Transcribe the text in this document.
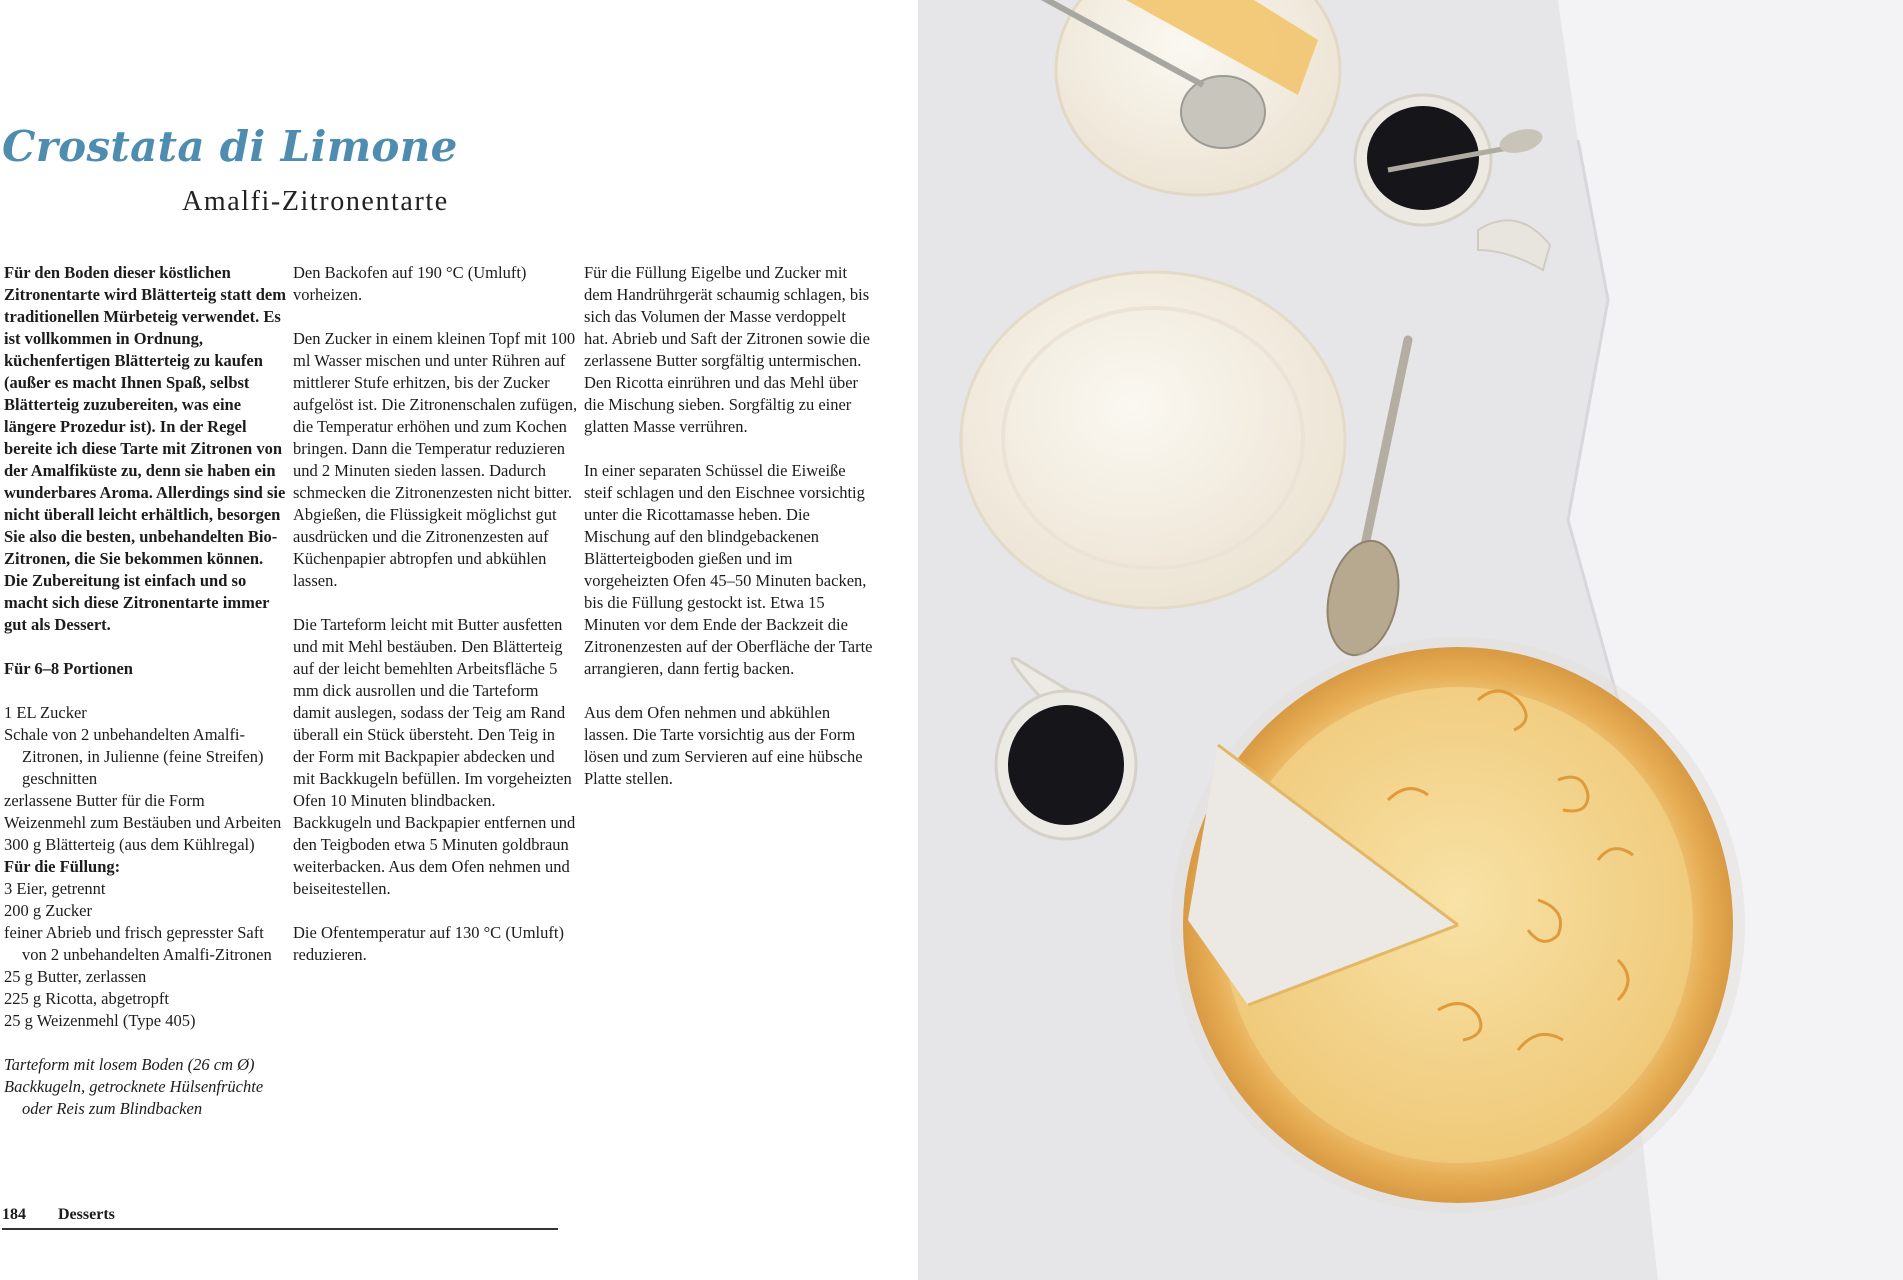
Crostata di Limone
Amalfi-Zitronentarte

Für den Boden dieser köstlichen Zitronentarte wird Blätterteig statt dem traditionellen Mürbeteig verwendet. Es ist vollkommen in Ordnung, küchenfertigen Blätterteig zu kaufen (außer es macht Ihnen Spaß, selbst Blätterteig zuzubereiten, was eine längere Prozedur ist). In der Regel bereite ich diese Tarte mit Zitronen von der Amalfiküste zu, denn sie haben ein wunderbares Aroma. Allerdings sind sie nicht überall leicht erhältlich, besorgen Sie also die besten, unbehandelten Bio-Zitronen, die Sie bekommen können. Die Zubereitung ist einfach und so macht sich diese Zitronentarte immer gut als Dessert.

Für 6–8 Portionen

1 EL Zucker
Schale von 2 unbehandelten Amalfi-Zitronen, in Julienne (feine Streifen) geschnitten
zerlassene Butter für die Form
Weizenmehl zum Bestäuben und Arbeiten
300 g Blätterteig (aus dem Kühlregal)
Für die Füllung:
3 Eier, getrennt
200 g Zucker
feiner Abrieb und frisch gepresster Saft von 2 unbehandelten Amalfi-Zitronen
25 g Butter, zerlassen
225 g Ricotta, abgetropft
25 g Weizenmehl (Type 405)
Tarteform mit losem Boden (26 cm Ø)
Backkugeln, getrocknete Hülsenfrüchte oder Reis zum Blindbacken

Den Backofen auf 190 °C (Umluft) vorheizen.

Den Zucker in einem kleinen Topf mit 100 ml Wasser mischen und unter Rühren auf mittlerer Stufe erhitzen, bis der Zucker aufgelöst ist. Die Zitronenschalen zufügen, die Temperatur erhöhen und zum Kochen bringen. Dann die Temperatur reduzieren und 2 Minuten sieden lassen. Dadurch schmecken die Zitronenzesten nicht bitter. Abgießen, die Flüssigkeit möglichst gut ausdrücken und die Zitronenzesten auf Küchenpapier abtropfen und abkühlen lassen.

Die Tarteform leicht mit Butter ausfetten und mit Mehl bestäuben. Den Blätterteig auf der leicht bemehlten Arbeitsfläche 5 mm dick ausrollen und die Tarteform damit auslegen, sodass der Teig am Rand überall ein Stück übersteht. Den Teig in der Form mit Backpapier abdecken und mit Backkugeln befüllen. Im vorgeheizten Ofen 10 Minuten blindbacken. Backkugeln und Backpapier entfernen und den Teigboden etwa 5 Minuten goldbraun weiterbacken. Aus dem Ofen nehmen und beiseitestellen.

Die Ofentemperatur auf 130 °C (Umluft) reduzieren.

Für die Füllung Eigelbe und Zucker mit dem Handrührgerät schaumig schlagen, bis sich das Volumen der Masse verdoppelt hat. Abrieb und Saft der Zitronen sowie die zerlassene Butter sorgfältig untermischen. Den Ricotta einrühren und das Mehl über die Mischung sieben. Sorgfältig zu einer glatten Masse verrühren.

In einer separaten Schüssel die Eiweiße steif schlagen und den Eischnee vorsichtig unter die Ricottamasse heben. Die Mischung auf den blindgebackenen Blätterteigboden gießen und im vorgeheizten Ofen 45–50 Minuten backen, bis die Füllung gestockt ist. Etwa 15 Minuten vor dem Ende der Backzeit die Zitronenzesten auf der Oberfläche der Tarte arrangieren, dann fertig backen.

Aus dem Ofen nehmen und abkühlen lassen. Die Tarte vorsichtig aus der Form lösen und zum Servieren auf eine hübsche Platte stellen.

184 Desserts
